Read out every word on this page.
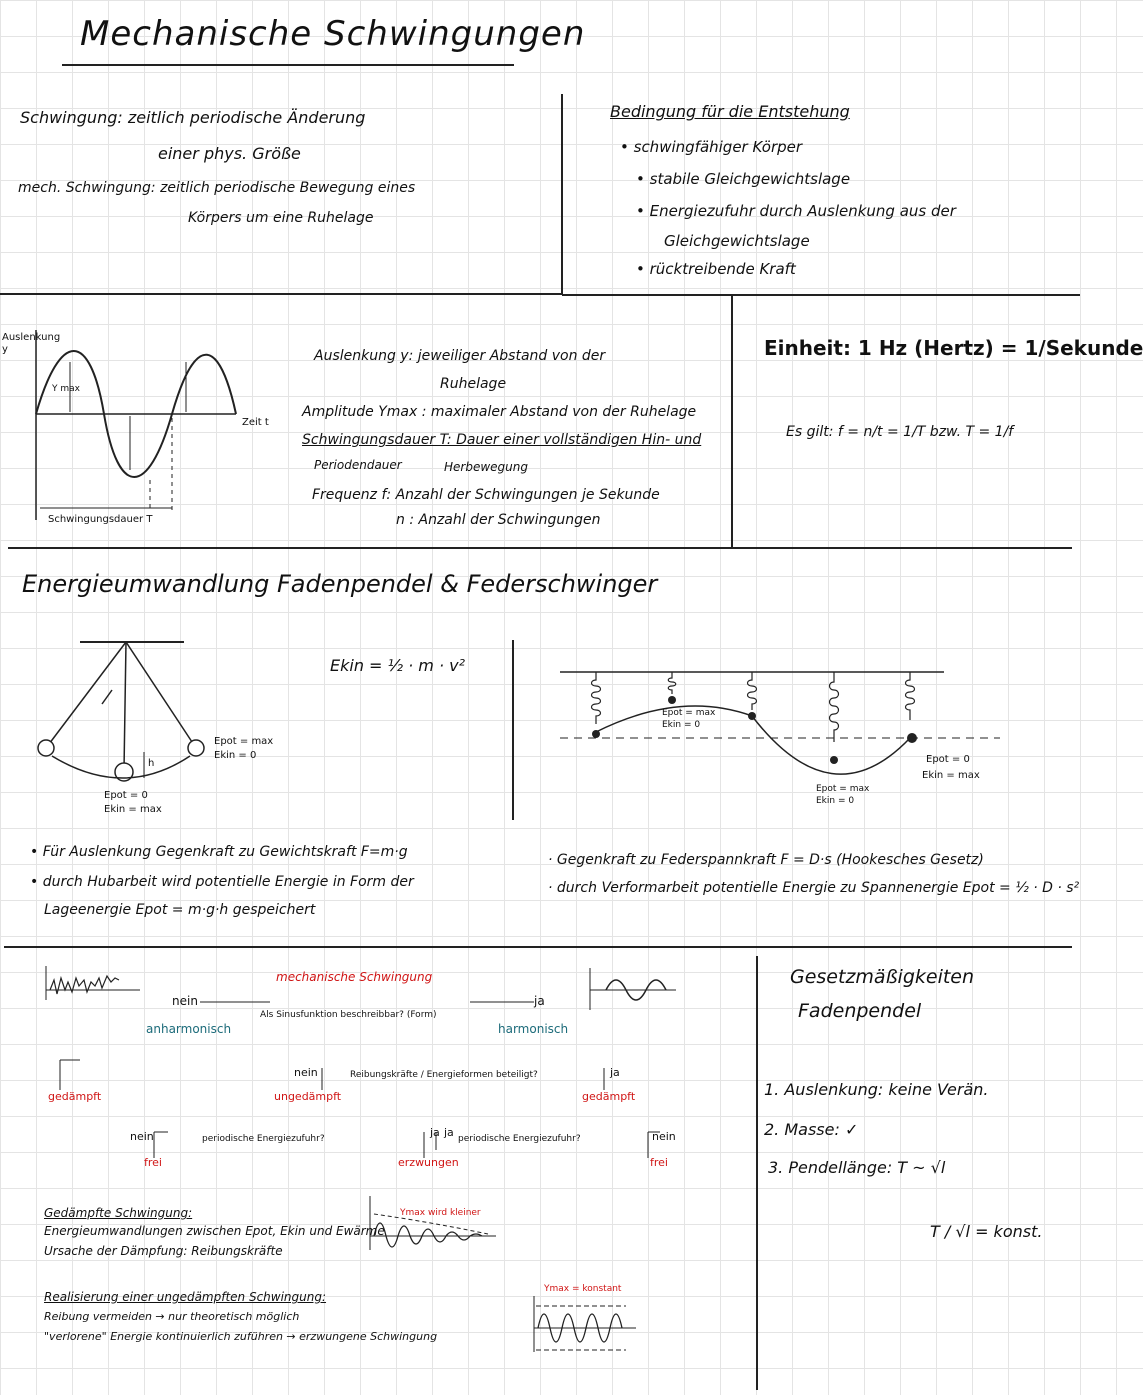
Mechanische Schwingungen
Schwingung: zeitlich periodische Änderung
einer phys. Größe
mech. Schwingung: zeitlich periodische Bewegung eines
Körpers um eine Ruhelage
Bedingung für die Entstehung
• schwingfähiger Körper
• stabile Gleichgewichtslage
• Energiezufuhr durch Auslenkung aus der
Gleichgewichtslage
• rücktreibende Kraft
Auslenkung y
Y max
Zeit t
Schwingungsdauer T
Auslenkung y: jeweiliger Abstand von der
Ruhelage
Amplitude Ymax : maximaler Abstand von der Ruhelage
Schwingungsdauer T: Dauer einer vollständigen Hin- und
Periodendauer	Herbewegung
Frequenz f: Anzahl der Schwingungen je Sekunde
n : Anzahl der Schwingungen
Einheit: 1 Hz (Hertz) = 1/Sekunde
Es gilt: f = n/t = 1/T bzw. T = 1/f
Energieumwandlung Fadenpendel & Federschwinger
Ekin = ½ · m · v²
Epot = max
Ekin = 0
h
Epot = 0
Ekin = max
• Für Auslenkung Gegenkraft zu Gewichtskraft F=m·g
• durch Hubarbeit wird potentielle Energie in Form der
Lageenergie Epot = m·g·h gespeichert
Epot = max
Ekin = 0
Epot = max
Ekin = 0
Epot = 0
Ekin = max
· Gegenkraft zu Federspannkraft F = D·s (Hookesches Gesetz)
· durch Verformarbeit potentielle Energie zu Spannenergie Epot = ½ · D · s²
mechanische Schwingung
Als Sinusfunktion beschreibbar? (Form)
nein	ja
anharmonisch	harmonisch
Reibungskräfte / Energieformen beteiligt?
nein	ja
gedämpft	ungedämpft	gedämpft
periodische Energiezufuhr?	periodische Energiezufuhr?
nein	ja ja	nein
frei	erzwungen	frei
Ymax wird kleiner
Ymax = konstant
Gedämpfte Schwingung:
Energieumwandlungen zwischen Epot, Ekin und Ewärme
Ursache der Dämpfung: Reibungskräfte
Realisierung einer ungedämpften Schwingung:
Reibung vermeiden → nur theoretisch möglich
"verlorene" Energie kontinuierlich zuführen → erzwungene Schwingung
Gesetzmäßigkeiten
Fadenpendel
1. Auslenkung: keine Verän.
2. Masse: ✓
3. Pendellänge: T ~ √l
T / √l = konst.
